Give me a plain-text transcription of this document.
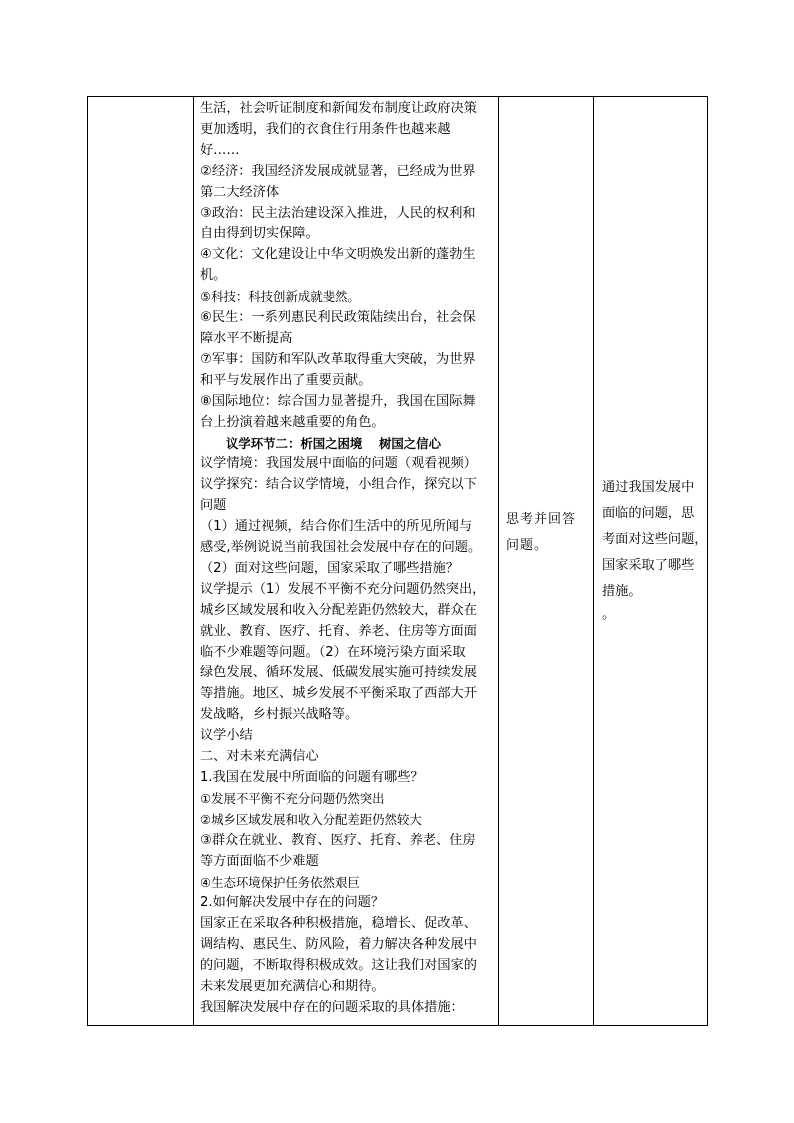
生活，社会听证制度和新闻发布制度让政府决策
更加透明，我们的衣食住行用条件也越来越
好……
②经济：我国经济发展成就显著，已经成为世界
第二大经济体
③政治：民主法治建设深入推进，人民的权利和
自由得到切实保障。
④文化：文化建设让中华文明焕发出新的蓬勃生
机。
⑤科技：科技创新成就斐然。
⑥民生：一系列惠民利民政策陆续出台，社会保
障水平不断提高
⑦军事：国防和军队改革取得重大突破，为世界
和平与发展作出了重要贡献。
⑧国际地位：综合国力显著提升，我国在国际舞
台上扮演着越来越重要的角色。
议学环节二：析国之困境　 树国之信心
议学情境：我国发展中面临的问题（观看视频）
议学探究：结合议学情境，小组合作，探究以下
问题
（1）通过视频，结合你们生活中的所见所闻与
感受,举例说说当前我国社会发展中存在的问题。
（2）面对这些问题，国家采取了哪些措施？
议学提示（1）发展不平衡不充分问题仍然突出，
城乡区域发展和收入分配差距仍然较大，群众在
就业、教育、医疗、托育、养老、住房等方面面
临不少难题等问题。（2）在环境污染方面采取
绿色发展、循环发展、低碳发展实施可持续发展
等措施。地区、城乡发展不平衡采取了西部大开
发战略，乡村振兴战略等。
议学小结
二、对未来充满信心
1.我国在发展中所面临的问题有哪些？
①发展不平衡不充分问题仍然突出
②城乡区域发展和收入分配差距仍然较大
③群众在就业、教育、医疗、托育、养老、住房
等方面面临不少难题
④生态环境保护任务依然艰巨
2.如何解决发展中存在的问题？
国家正在采取各种积极措施，稳增长、促改革、
调结构、惠民生、防风险，着力解决各种发展中
的问题，不断取得积极成效。这让我们对国家的
未来发展更加充满信心和期待。
我国解决发展中存在的问题采取的具体措施：
思考并回答
问题。
通过我国发展中
面临的问题，思
考面对这些问题，
国家采取了哪些
措施。
。
